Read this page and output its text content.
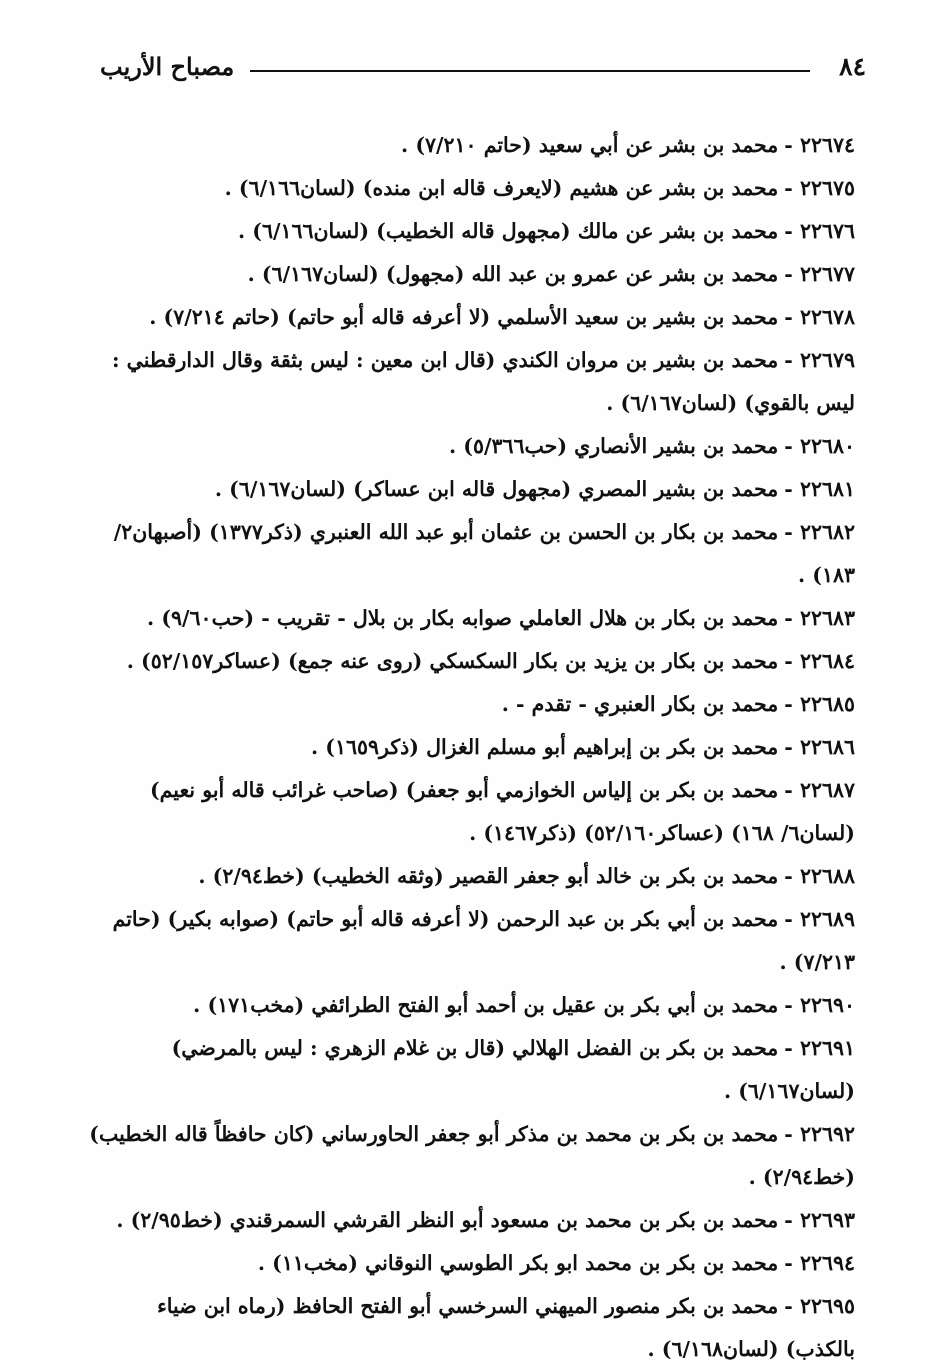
٨٤
مصباح الأريب
٢٢٦٧٤ -محمد بن بشر عن أبي سعيد (حاتم ٧/٢١٠) .
٢٢٦٧٥ -محمد بن بشر عن هشيم (لايعرف قاله ابن منده) (لسان٦/١٦٦) .
٢٢٦٧٦ -محمد بن بشر عن مالك (مجهول قاله الخطيب) (لسان٦/١٦٦) .
٢٢٦٧٧ -محمد بن بشر عن عمرو بن عبد الله (مجهول) (لسان٦/١٦٧) .
٢٢٦٧٨ -محمد بن بشير بن سعيد الأسلمي (لا أعرفه قاله أبو حاتم) (حاتم ٧/٢١٤) .
٢٢٦٧٩ -محمد بن بشير بن مروان الكندي (قال ابن معين : ليس بثقة وقال الدارقطني : ليس بالقوي) (لسان٦/١٦٧) .
٢٢٦٨٠ -محمد بن بشير الأنصاري (حب٥/٣٦٦) .
٢٢٦٨١ -محمد بن بشير المصري (مجهول قاله ابن عساكر) (لسان٦/١٦٧) .
٢٢٦٨٢ -محمد بن بكار بن الحسن بن عثمان أبو عبد الله العنبري (ذكر١٣٧٧) (أصبهان٢/ ١٨٣) .
٢٢٦٨٣ -محمد بن بكار بن هلال العاملي صوابه بكار بن بلال - تقريب - (حب٩/٦٠) .
٢٢٦٨٤ -محمد بن بكار بن يزيد بن بكار السكسكي (روى عنه جمع) (عساكر٥٢/١٥٧) .
٢٢٦٨٥ -محمد بن بكار العنبري - تقدم - .
٢٢٦٨٦ -محمد بن بكر بن إبراهيم أبو مسلم الغزال (ذكر١٦٥٩) .
٢٢٦٨٧ -محمد بن بكر بن إلياس الخوازمي أبو جعفر) (صاحب غرائب قاله أبو نعيم) (لسان٦/ ١٦٨) (عساكر٥٢/١٦٠) (ذكر١٤٦٧) .
٢٢٦٨٨ -محمد بن بكر بن خالد أبو جعفر القصير (وثقه الخطيب) (خط٢/٩٤) .
٢٢٦٨٩ -محمد بن أبي بكر بن عبد الرحمن (لا أعرفه قاله أبو حاتم) (صوابه بكير) (حاتم ٧/٢١٣) .
٢٢٦٩٠ -محمد بن أبي بكر بن عقيل بن أحمد أبو الفتح الطرائفي (مخب١٧١) .
٢٢٦٩١ -محمد بن بكر بن الفضل الهلالي (قال بن غلام الزهري : ليس بالمرضي) (لسان٦/١٦٧) .
٢٢٦٩٢ -محمد بن بكر بن محمد بن مذكر أبو جعفر الحاورساني (كان حافظاً قاله الخطيب) (خط٢/٩٤) .
٢٢٦٩٣ -محمد بن بكر بن محمد بن مسعود أبو النظر القرشي السمرقندي (خط٢/٩٥) .
٢٢٦٩٤ -محمد بن بكر بن محمد ابو بكر الطوسي النوقاني (مخب١١) .
٢٢٦٩٥ -محمد بن بكر منصور الميهني السرخسي أبو الفتح الحافظ (رماه ابن ضياء بالكذب) (لسان٦/١٦٨) .
